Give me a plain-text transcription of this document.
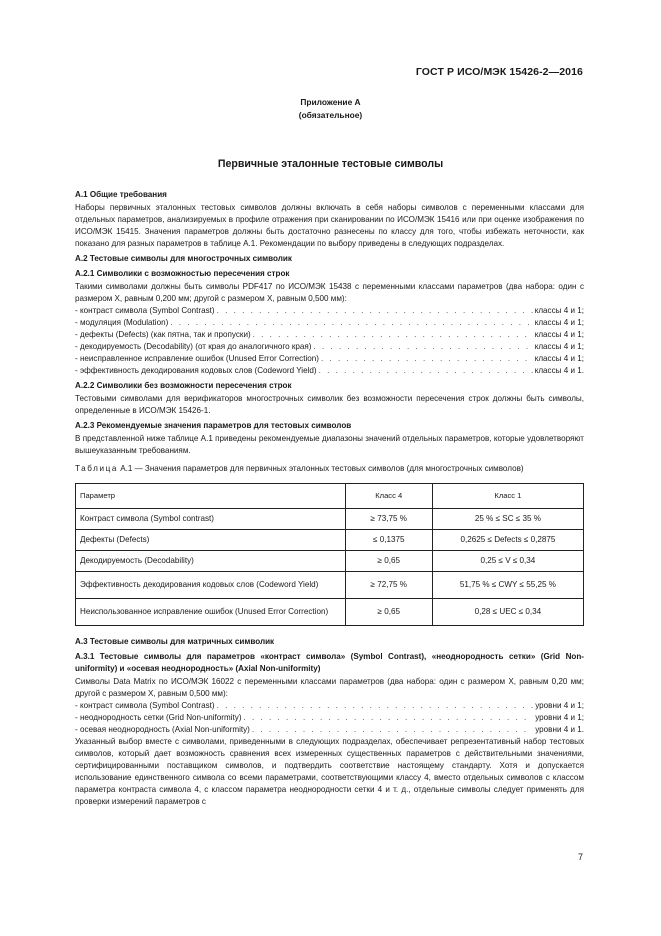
ГОСТ Р ИСО/МЭК 15426-2—2016
Приложение А
(обязательное)
Первичные эталонные тестовые символы
А.1 Общие требования
Наборы первичных эталонных тестовых символов должны включать в себя наборы символов с переменными классами для отдельных параметров, анализируемых в профиле отражения при сканировании по ИСО/МЭК 15416 или при оценке изображения по ИСО/МЭК 15415. Значения параметров должны быть достаточно разнесены по классу для того, чтобы избежать неточности, как показано для разных параметров в таблице А.1. Рекомендации по выбору приведены в следующих подразделах.
А.2 Тестовые символы для многострочных символик
А.2.1 Символики с возможностью пересечения строк
Такими символами должны быть символы PDF417 по ИСО/МЭК 15438 с переменными классами параметров (два набора: один с размером X, равным 0,200 мм; другой с размером X, равным 0,500 мм):
- контраст символа (Symbol Contrast) . . .	классы 4 и 1;
- модуляция (Modulation) . . .	классы 4 и 1;
- дефекты (Defects) (как пятна, так и пропуски) . . .	классы 4 и 1;
- декодируемость (Decodability) (от края до аналогичного края) . . .	классы 4 и 1;
- неисправленное исправление ошибок (Unused Error Correction) . . .	классы 4 и 1;
- эффективность декодирования кодовых слов (Codeword Yield) . . .	классы 4 и 1.
А.2.2 Символики без возможности пересечения строк
Тестовыми символами для верификаторов многострочных символик без возможности пересечения строк должны быть символы, определенные в ИСО/МЭК 15426-1.
А.2.3 Рекомендуемые значения параметров для тестовых символов
В представленной ниже таблице А.1 приведены рекомендуемые диапазоны значений отдельных параметров, которые удовлетворяют вышеуказанным требованиям.
Таблица А.1 — Значения параметров для первичных эталонных тестовых символов (для многострочных символов)
Параметр	Класс 4	Класс 1
Контраст символа (Symbol contrast)	≥ 73,75 %	25 % ≤ SC ≤ 35 %
Дефекты (Defects)	≤ 0,1375	0,2625 ≤ Defects ≤ 0,2875
Декодируемость (Decodability)	≥ 0,65	0,25 ≤ V ≤ 0,34
Эффективность декодирования кодовых слов (Codeword Yield)	≥ 72,75 %	51,75 % ≤ CWY ≤ 55,25 %
Неиспользованное исправление ошибок (Unused Error Correction)	≥ 0,65	0,28 ≤ UEC ≤ 0,34
А.3 Тестовые символы для матричных символик
А.3.1 Тестовые символы для параметров «контраст символа» (Symbol Contrast), «неоднородность сетки» (Grid Non-uniformity) и «осевая неоднородность» (Axial Non-uniformity)
Символы Data Matrix по ИСО/МЭК 16022 с переменными классами параметров (два набора: один с размером X, равным 0,20 мм; другой с размером X, равным 0,500 мм):
- контраст символа (Symbol Contrast) . . .	уровни 4 и 1;
- неоднородность сетки (Grid Non-uniformity) . . .	уровни 4 и 1;
- осевая неоднородность (Axial Non-uniformity) . . .	уровни 4 и 1.
Указанный выбор вместе с символами, приведенными в следующих подразделах, обеспечивает репрезентативный набор тестовых символов, который дает возможность сравнения всех измеренных существенных параметров с действительными значениями, сертифицированными поставщиком символов, и подтвердить соответствие настоящему стандарту. Хотя и допускается использование единственного символа со всеми параметрами, соответствующими классу 4, вместо отдельных символов с классом параметра контраста символа 4, с классом параметра неоднородности сетки 4 и т. д., отдельные символы следует применять для проверки измерений параметров с
7
